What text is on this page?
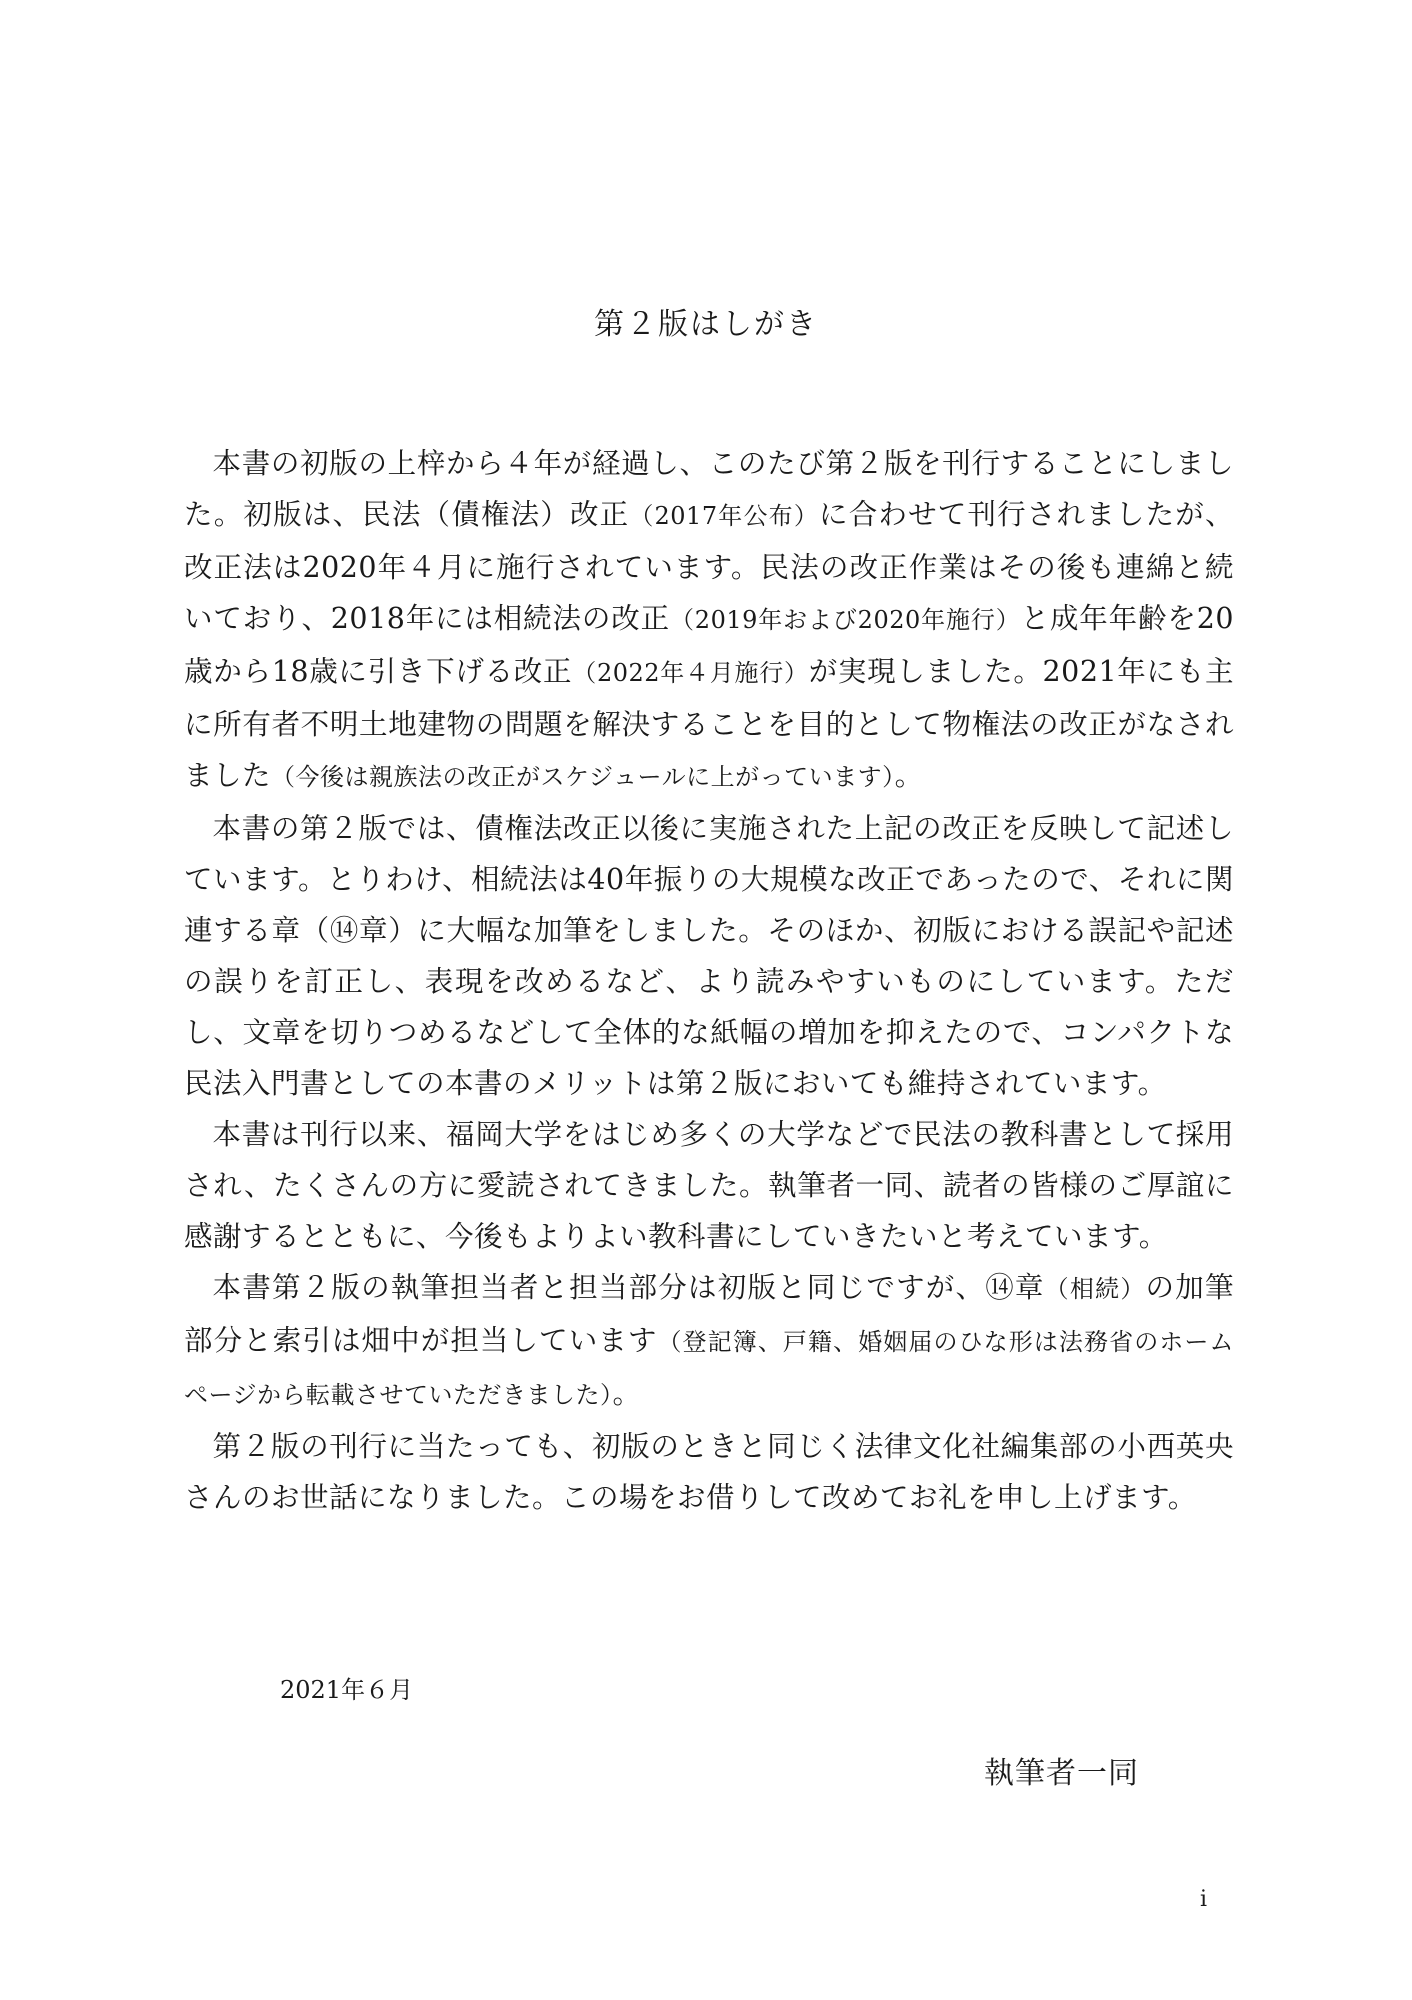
第２版はしがき

本書の初版の上梓から４年が経過し、このたび第２版を刊行することにしました。初版は、民法（債権法）改正（2017年公布）に合わせて刊行されましたが、改正法は2020年４月に施行されています。民法の改正作業はその後も連綿と続いており、2018年には相続法の改正（2019年および2020年施行）と成年年齢を20歳から18歳に引き下げる改正（2022年４月施行）が実現しました。2021年にも主に所有者不明土地建物の問題を解決することを目的として物権法の改正がなされました（今後は親族法の改正がスケジュールに上がっています）。

本書の第２版では、債権法改正以後に実施された上記の改正を反映して記述しています。とりわけ、相続法は40年振りの大規模な改正であったので、それに関連する章（⑭章）に大幅な加筆をしました。そのほか、初版における誤記や記述の誤りを訂正し、表現を改めるなど、より読みやすいものにしています。ただし、文章を切りつめるなどして全体的な紙幅の増加を抑えたので、コンパクトな民法入門書としての本書のメリットは第２版においても維持されています。

本書は刊行以来、福岡大学をはじめ多くの大学などで民法の教科書として採用され、たくさんの方に愛読されてきました。執筆者一同、読者の皆様のご厚誼に感謝するとともに、今後もよりよい教科書にしていきたいと考えています。

本書第２版の執筆担当者と担当部分は初版と同じですが、⑭章（相続）の加筆部分と索引は畑中が担当しています（登記簿、戸籍、婚姻届のひな形は法務省のホームページから転載させていただきました）。

第２版の刊行に当たっても、初版のときと同じく法律文化社編集部の小西英央さんのお世話になりました。この場をお借りして改めてお礼を申し上げます。

2021年６月
執筆者一同
i
